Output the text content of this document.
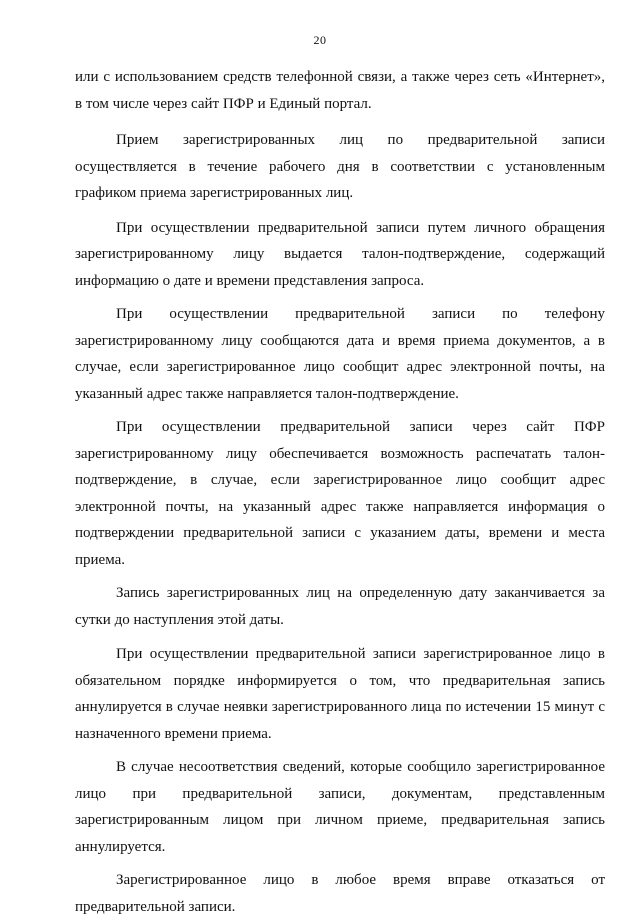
20

или с использованием средств телефонной связи, а также через сеть «Интернет», в том числе через сайт ПФР и Единый портал.

Прием зарегистрированных лиц по предварительной записи осуществляется в течение рабочего дня в соответствии с установленным графиком приема зарегистрированных лиц.

При осуществлении предварительной записи путем личного обращения зарегистрированному лицу выдается талон-подтверждение, содержащий информацию о дате и времени представления запроса.

При осуществлении предварительной записи по телефону зарегистрированному лицу сообщаются дата и время приема документов, а в случае, если зарегистрированное лицо сообщит адрес электронной почты, на указанный адрес также направляется талон-подтверждение.

При осуществлении предварительной записи через сайт ПФР зарегистрированному лицу обеспечивается возможность распечатать талон-подтверждение, в случае, если зарегистрированное лицо сообщит адрес электронной почты, на указанный адрес также направляется информация о подтверждении предварительной записи с указанием даты, времени и места приема.

Запись зарегистрированных лиц на определенную дату заканчивается за сутки до наступления этой даты.

При осуществлении предварительной записи зарегистрированное лицо в обязательном порядке информируется о том, что предварительная запись аннулируется в случае неявки зарегистрированного лица по истечении 15 минут с назначенного времени приема.

В случае несоответствия сведений, которые сообщило зарегистрированное лицо при предварительной записи, документам, представленным зарегистрированным лицом при личном приеме, предварительная запись аннулируется.

Зарегистрированное лицо в любое время вправе отказаться от предварительной записи.
